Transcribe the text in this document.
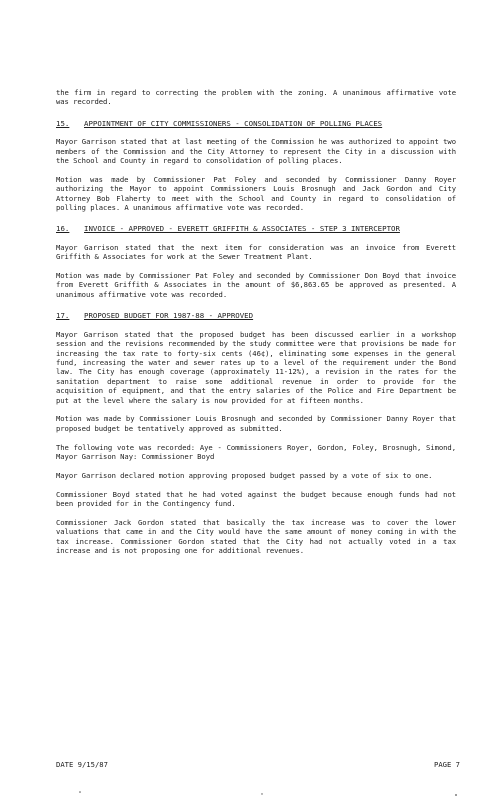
the firm in regard to correcting the problem with the zoning. A unanimous affirmative vote was recorded.

15.	APPOINTMENT OF CITY COMMISSIONERS - CONSOLIDATION OF POLLING PLACES

Mayor Garrison stated that at last meeting of the Commission he was authorized to appoint two members of the Commission and the City Attorney to represent the City in a discussion with the School and County in regard to consolidation of polling places.

Motion was made by Commissioner Pat Foley and seconded by Commissioner Danny Royer authorizing the Mayor to appoint Commissioners Louis Brosnugh and Jack Gordon and City Attorney Bob Flaherty to meet with the School and County in regard to consolidation of polling places. A unanimous affirmative vote was recorded.

16.	INVOICE - APPROVED - EVERETT GRIFFITH & ASSOCIATES - STEP 3 INTERCEPTOR

Mayor Garrison stated that the next item for consideration was an invoice from Everett Griffith & Associates for work at the Sewer Treatment Plant.

Motion was made by Commissioner Pat Foley and seconded by Commissioner Don Boyd that invoice from Everett Griffith & Associates in the amount of $6,863.65 be approved as presented. A unanimous affirmative vote was recorded.

17.	PROPOSED BUDGET FOR 1987-88 - APPROVED

Mayor Garrison stated that the proposed budget has been discussed earlier in a workshop session and the revisions recommended by the study committee were that provisions be made for increasing the tax rate to forty-six cents (46¢), eliminating some expenses in the general fund, increasing the water and sewer rates up to a level of the requirement under the Bond law. The City has enough coverage (approximately 11-12%), a revision in the rates for the sanitation department to raise some additional revenue in order to provide for the acquisition of equipment, and that the entry salaries of the Police and Fire Department be put at the level where the salary is now provided for at fifteen months.

Motion was made by Commissioner Louis Brosnugh and seconded by Commissioner Danny Royer that proposed budget be tentatively approved as submitted.

The following vote was recorded: Aye - Commissioners Royer, Gordon, Foley, Brosnugh, Simond, Mayor Garrison Nay: Commissioner Boyd

Mayor Garrison declared motion approving proposed budget passed by a vote of six to one.

Commissioner Boyd stated that he had voted against the budget because enough funds had not been provided for in the Contingency fund.

Commissioner Jack Gordon stated that basically the tax increase was to cover the lower valuations that came in and the City would have the same amount of money coming in with the tax increase. Commissioner Gordon stated that the City had not actually voted in a tax increase and is not proposing one for additional revenues.

DATE 9/15/87	PAGE 7
